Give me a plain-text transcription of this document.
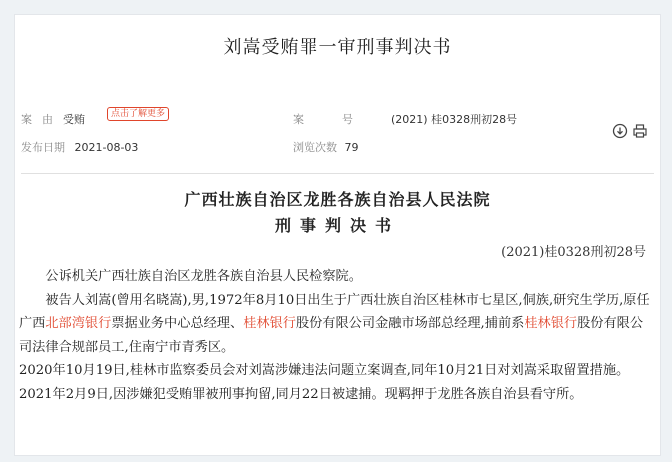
刘嵩受贿罪一审刑事判决书
案由受贿	点击了解更多	案号(2021) 桂0328刑初28号
发布日期 2021-08-03	浏览次数 79
广西壮族自治区龙胜各族自治县人民法院
刑事判决书
(2021)桂0328刑初28号

公诉机关广西壮族自治区龙胜各族自治县人民检察院。

被告人刘嵩(曾用名晓嵩),男,1972年8月10日出生于广西壮族自治区桂林市七星区,侗族,研究生学历,原任广西北部湾银行票据业务中心总经理、桂林银行股份有限公司金融市场部总经理,捕前系桂林银行股份有限公司法律合规部员工,住南宁市青秀区。

2020年10月19日,桂林市监察委员会对刘嵩涉嫌违法问题立案调查,同年10月21日对刘嵩采取留置措施。2021年2月9日,因涉嫌犯受贿罪被刑事拘留,同月22日被逮捕。现羁押于龙胜各族自治县看守所。
